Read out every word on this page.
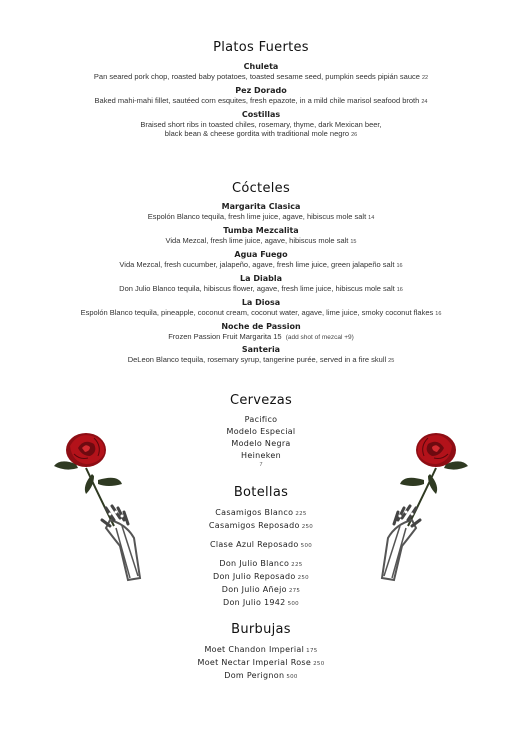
Platos Fuertes
Chuleta
Pan seared pork chop, roasted baby potatoes, toasted sesame seed, pumpkin seeds pipián sauce 22
Pez Dorado
Baked mahi-mahi fillet, sautéed corn esquites, fresh epazote, in a mild chile marisol seafood broth 24
Costillas
Braised short ribs in toasted chiles, rosemary, thyme, dark Mexican beer,
black bean & cheese gordita with traditional mole negro 26
Cócteles
Margarita Clasica
Espolón Blanco tequila, fresh lime juice, agave, hibiscus mole salt 14
Tumba Mezcalita
Vida Mezcal, fresh lime juice, agave, hibiscus mole salt 15
Agua Fuego
Vida Mezcal, fresh cucumber, jalapeño, agave, fresh lime juice, green jalapeño salt 16
La Diabla
Don Julio Blanco tequila, hibiscus flower, agave, fresh lime juice, hibiscus mole salt 16
La Diosa
Espolón Blanco tequila, pineapple, coconut cream, coconut water, agave, lime juice, smoky coconut flakes 16
Noche de Passion
Frozen Passion Fruit Margarita 15 (add shot of mezcal +9)
Santeria
DeLeon Blanco tequila, rosemary syrup, tangerine purée, served in a fire skull 25
Cervezas
Pacifico
Modelo Especial
Modelo Negra
Heineken
7
Botellas
Casamigos Blanco 225
Casamigos Reposado 250
Clase Azul Reposado 500
Don Julio Blanco 225
Don Julio Reposado 250
Don Julio Añejo 275
Don Julio 1942 500
Burbujas
Moet Chandon Imperial 175
Moet Nectar Imperial Rose 250
Dom Perignon 500
